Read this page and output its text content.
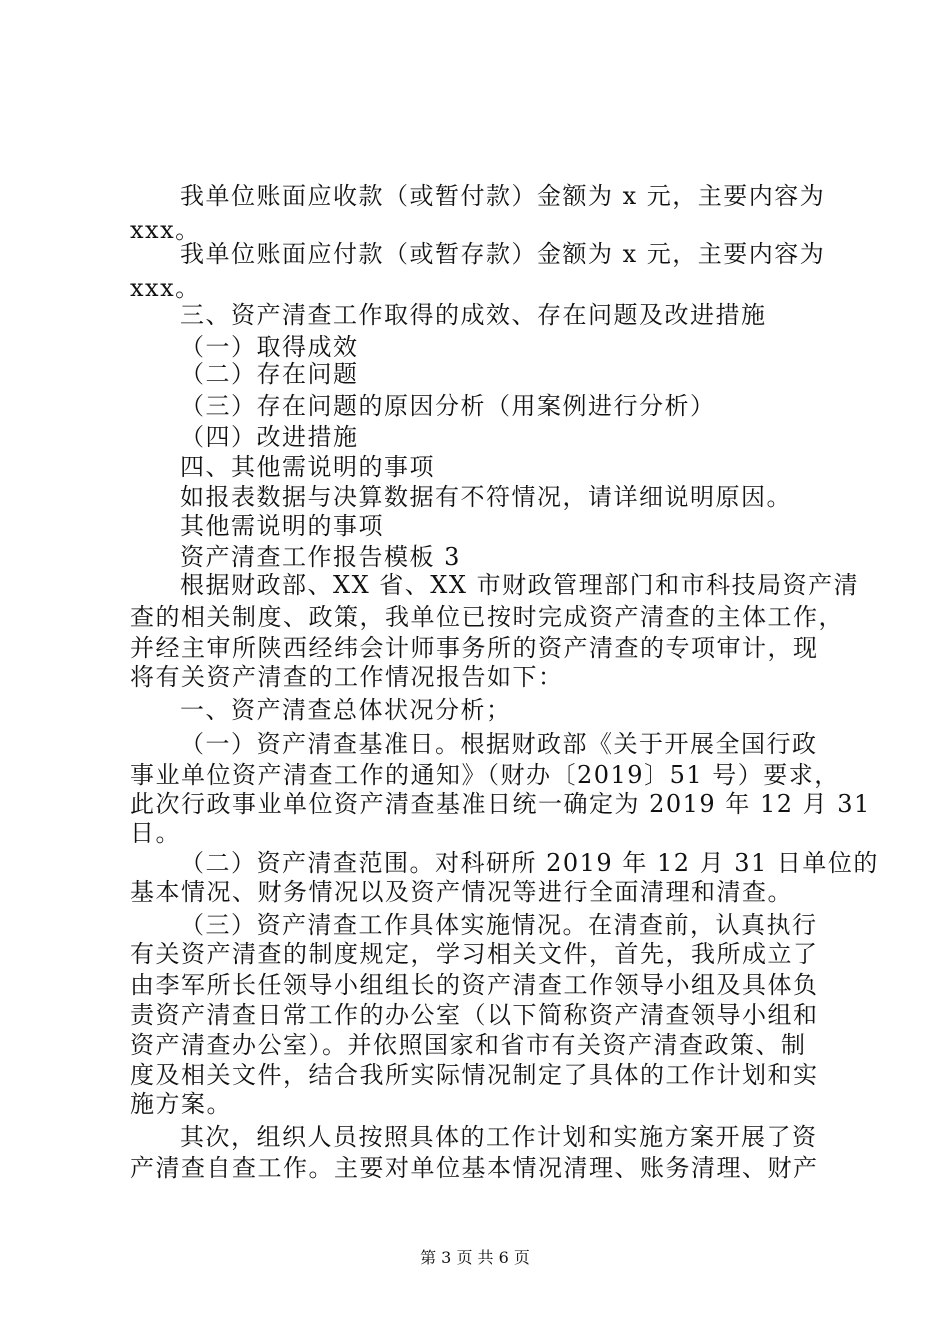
我单位账面应收款（或暂付款）金额为 x 元，主要内容为
xxx。
我单位账面应付款（或暂存款）金额为 x 元，主要内容为
xxx。
三、资产清查工作取得的成效、存在问题及改进措施
（一）取得成效
（二）存在问题
（三）存在问题的原因分析（用案例进行分析）
（四）改进措施
四、其他需说明的事项
如报表数据与决算数据有不符情况，请详细说明原因。
其他需说明的事项
资产清查工作报告模板 3
根据财政部、XX 省、XX 市财政管理部门和市科技局资产清
查的相关制度、政策，我单位已按时完成资产清查的主体工作，
并经主审所陕西经纬会计师事务所的资产清查的专项审计，现
将有关资产清查的工作情况报告如下：
一、资产清查总体状况分析；
（一）资产清查基准日。根据财政部《关于开展全国行政
事业单位资产清查工作的通知》（财办〔2019〕51 号）要求，
此次行政事业单位资产清查基准日统一确定为 2019 年 12 月 31
日。
（二）资产清查范围。对科研所 2019 年 12 月 31 日单位的
基本情况、财务情况以及资产情况等进行全面清理和清查。
（三）资产清查工作具体实施情况。在清查前，认真执行
有关资产清查的制度规定，学习相关文件，首先，我所成立了
由李军所长任领导小组组长的资产清查工作领导小组及具体负
责资产清查日常工作的办公室（以下简称资产清查领导小组和
资产清查办公室）。并依照国家和省市有关资产清查政策、制
度及相关文件，结合我所实际情况制定了具体的工作计划和实
施方案。
其次，组织人员按照具体的工作计划和实施方案开展了资
产清查自查工作。主要对单位基本情况清理、账务清理、财产
第 3 页 共 6 页
